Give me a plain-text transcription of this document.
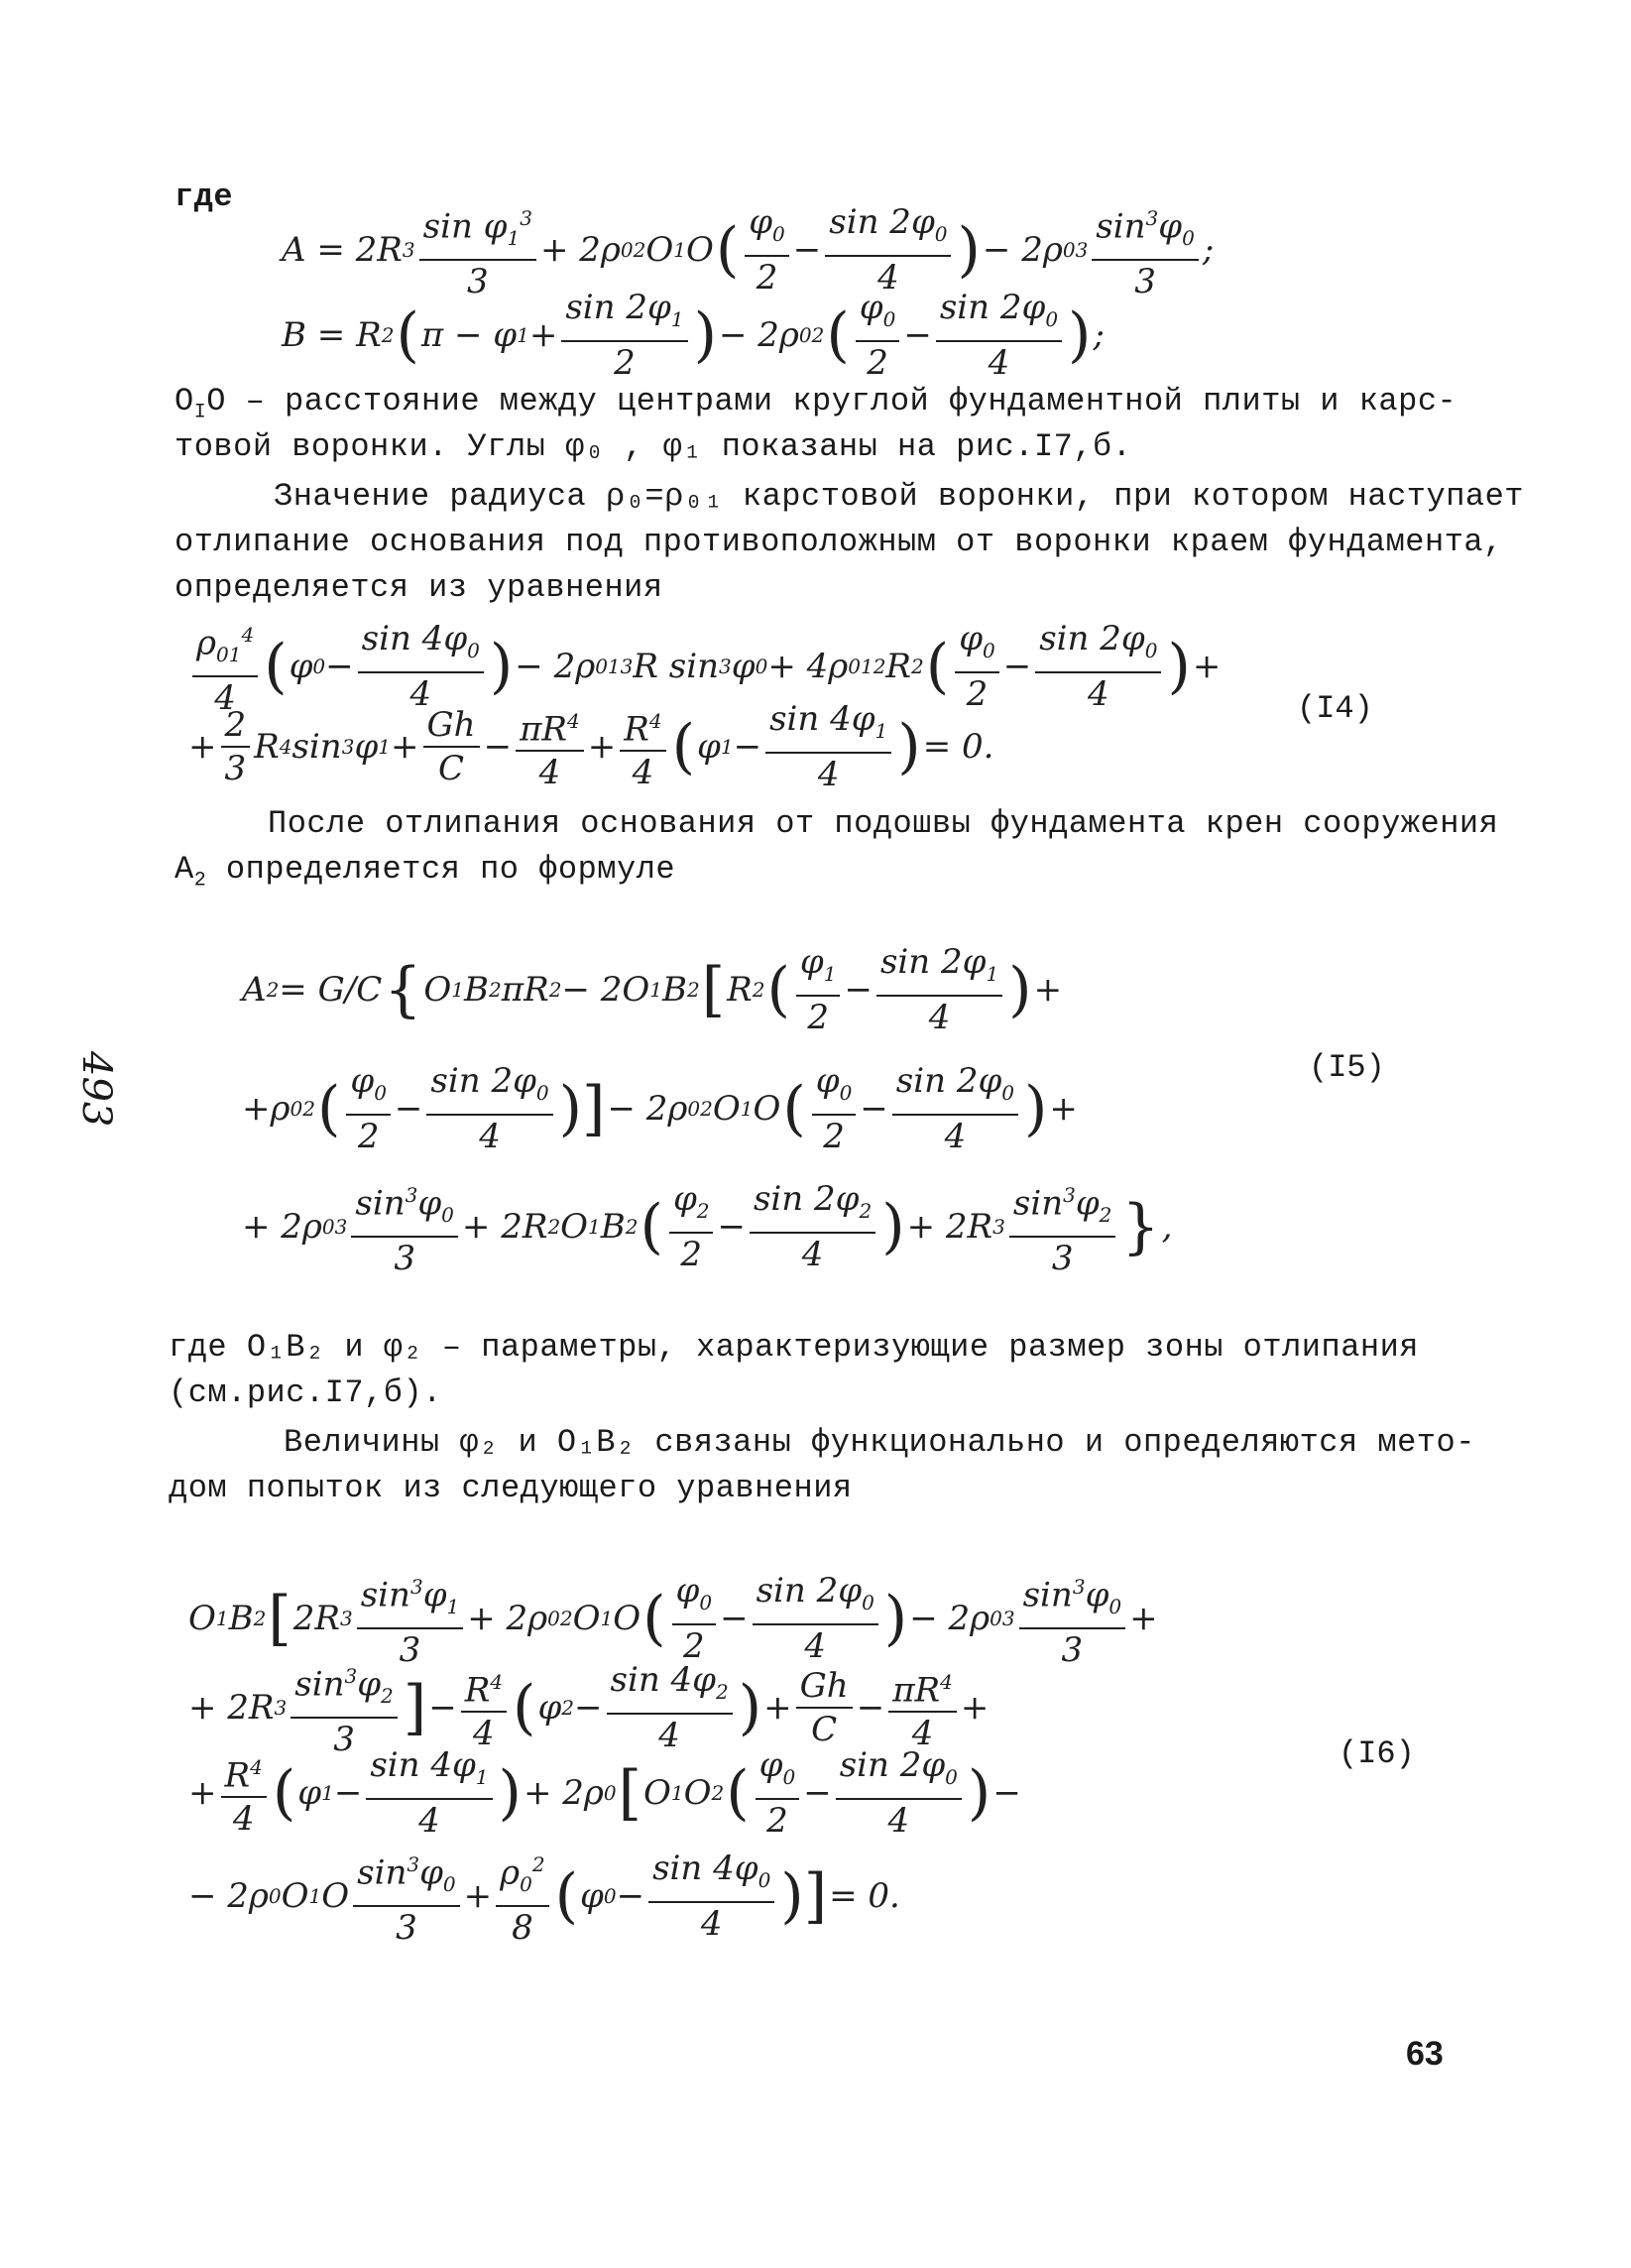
где
A = 2R $3 \frac{\sin \varphi_1^3}{3} + 2\rho$ 0 2 O 1 O ( $\frac{\varphi_0}{2} - \frac{\sin 2\varphi_0}{4}$ ) − 2ρ 0 $3 \frac{\sin^3\varphi_0}{3}$ ;
B = R 2 ( π − φ $1 + \frac{\sin 2\varphi_1}{2}$ ) − 2ρ 0 2 ( $\frac{\varphi_0}{2} - \frac{\sin 2\varphi_0}{4}$ ) ;
$О_IО$ – расстояние между центрами круглой фундаментной плиты и карс-
товой воронки. Углы φ₀ , φ₁ показаны на рис.I7,б.
Значение радиуса ρ₀=ρ₀₁ карстовой воронки, при котором наступает
отлипание основания под противоположным от воронки краем фундамента,
определяется из уравнения
$\frac{\rho_{01}^4}{4}$ ( φ $0 - \frac{\sin 4\varphi_0}{4}$ ) − 2ρ 01 3 R sin 3 φ 0 + 4ρ 01 2 R 2 ( $\frac{\varphi_0}{2} - \frac{\sin 2\varphi_0}{4}$ ) +
+ $\frac{2}{3}$ R 4 sin 3 φ $1 + \frac{Gh}{C} - \frac{\pi R^4}{4} + \frac{R^4}{4}$ ( φ $1 - \frac{\sin 4\varphi_1}{4}$ ) = 0.
(I4)
После отлипания основания от подошвы фундамента крен сооружения
$А_2$ определяется по формуле
493
A 2 = G/C { O 1 B 2 πR 2 − 2O 1 B 2 [ R 2 ( $\frac{\varphi_1}{2} - \frac{\sin 2\varphi_1}{4}$ ) +
+ρ 0 2 ( $\frac{\varphi_0}{2} - \frac{\sin 2\varphi_0}{4}$ )] − 2ρ 0 2 O 1 O ( $\frac{\varphi_0}{2} - \frac{\sin 2\varphi_0}{4}$ ) +
(I5)
+ 2ρ 0 $3 \frac{\sin^3\varphi_0}{3} + 2R$ 2 O 1 B 2 ( $\frac{\varphi_2}{2} - \frac{\sin 2\varphi_2}{4}$ ) + 2R $3 \frac{\sin^3\varphi_2}{3}$ } ,
где О₁В₂ и φ₂ – параметры, характеризующие размер зоны отлипания
(см.рис.I7,б).
Величины φ₂ и О₁В₂ связаны функционально и определяются мето-
дом попыток из следующего уравнения
O 1 B 2 [ 2R $3 \frac{\sin^3\varphi_1}{3} + 2\rho$ 0 2 O 1 O ( $\frac{\varphi_0}{2} - \frac{\sin 2\varphi_0}{4}$ ) − 2ρ 0 $3 \frac{\sin^3\varphi_0}{3}$ +
+ 2R $3 \frac{\sin^3\varphi_2}{3}$ ] − $\frac{R^4}{4}$ ( φ $2 - \frac{\sin 4\varphi_2}{4}$ ) + $\frac{Gh}{C} - \frac{\pi R^4}{4}$ +
(I6)
+ $\frac{R^4}{4}$ ( φ $1 - \frac{\sin 4\varphi_1}{4}$ ) + 2ρ 0 [ O 1 O 2 ( $\frac{\varphi_0}{2} - \frac{\sin 2\varphi_0}{4}$ ) −
− 2ρ 0 O 1 O $\frac{\sin^3\varphi_0}{3} + \frac{\rho_0^2}{8}$ ( φ $0 - \frac{\sin 4\varphi_0}{4}$ )] = 0.
63
